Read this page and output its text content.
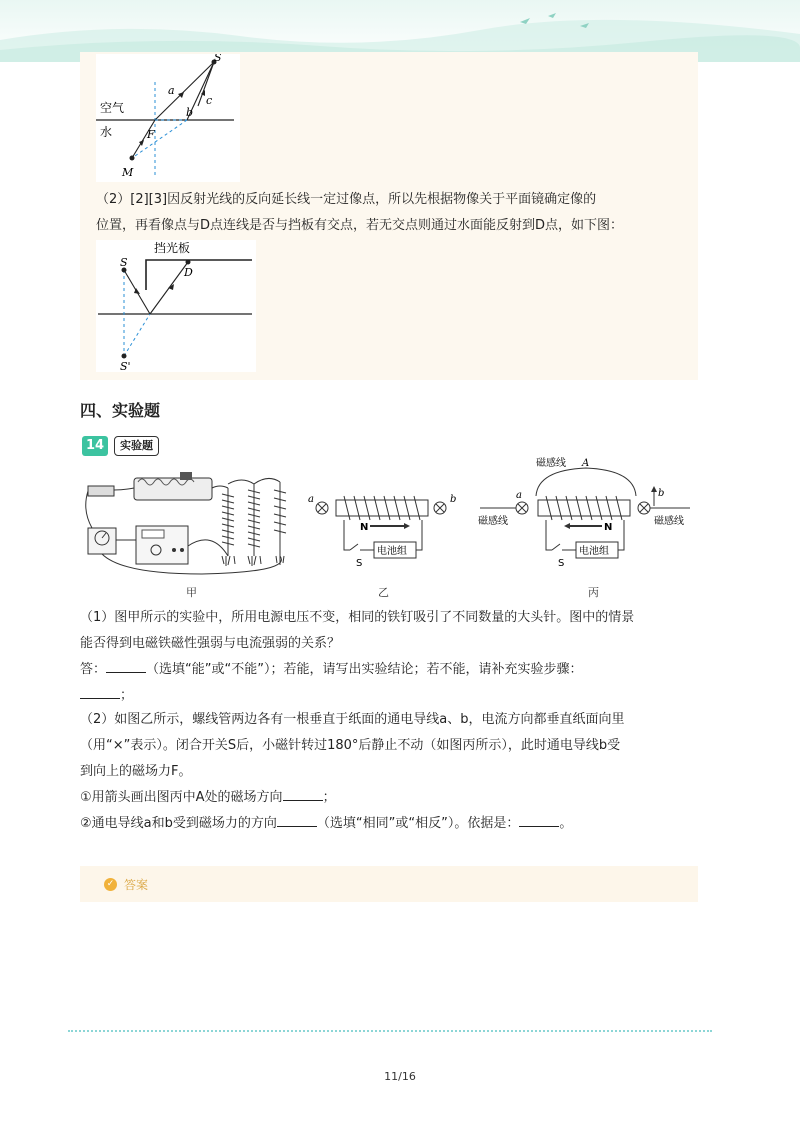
S
a
b
c
F
M
空气
水
（2）[2][3]因反射光线的反向延长线一定过像点，所以先根据物像关于平面镜确定像的
位置，再看像点与D点连线是否与挡板有交点，若无交点则通过水面能反射到D点，如下图：
挡光板
S
D
S'
四、实验题
14	实验题
a	b
N
S
电池组
磁感线 A
a	b
磁感线	磁感线
N
S
电池组
甲	乙	丙
（1）图甲所示的实验中，所用电源电压不变，相同的铁钉吸引了不同数量的大头针。图中的情景
能否得到电磁铁磁性强弱与电流强弱的关系？
答：	（选填“能”或“不能”）；若能，请写出实验结论；若不能，请补充实验步骤：
；
（2）如图乙所示，螺线管两边各有一根垂直于纸面的通电导线a、b，电流方向都垂直纸面向里
（用“×”表示）。闭合开关S后，小磁针转过180°后静止不动（如图丙所示），此时通电导线b受
到向上的磁场力F。
①用箭头画出图丙中A处的磁场方向	；
②通电导线a和b受到磁场力的方向	（选填“相同”或“相反”）。依据是：	。
✓ 答案
11/16
